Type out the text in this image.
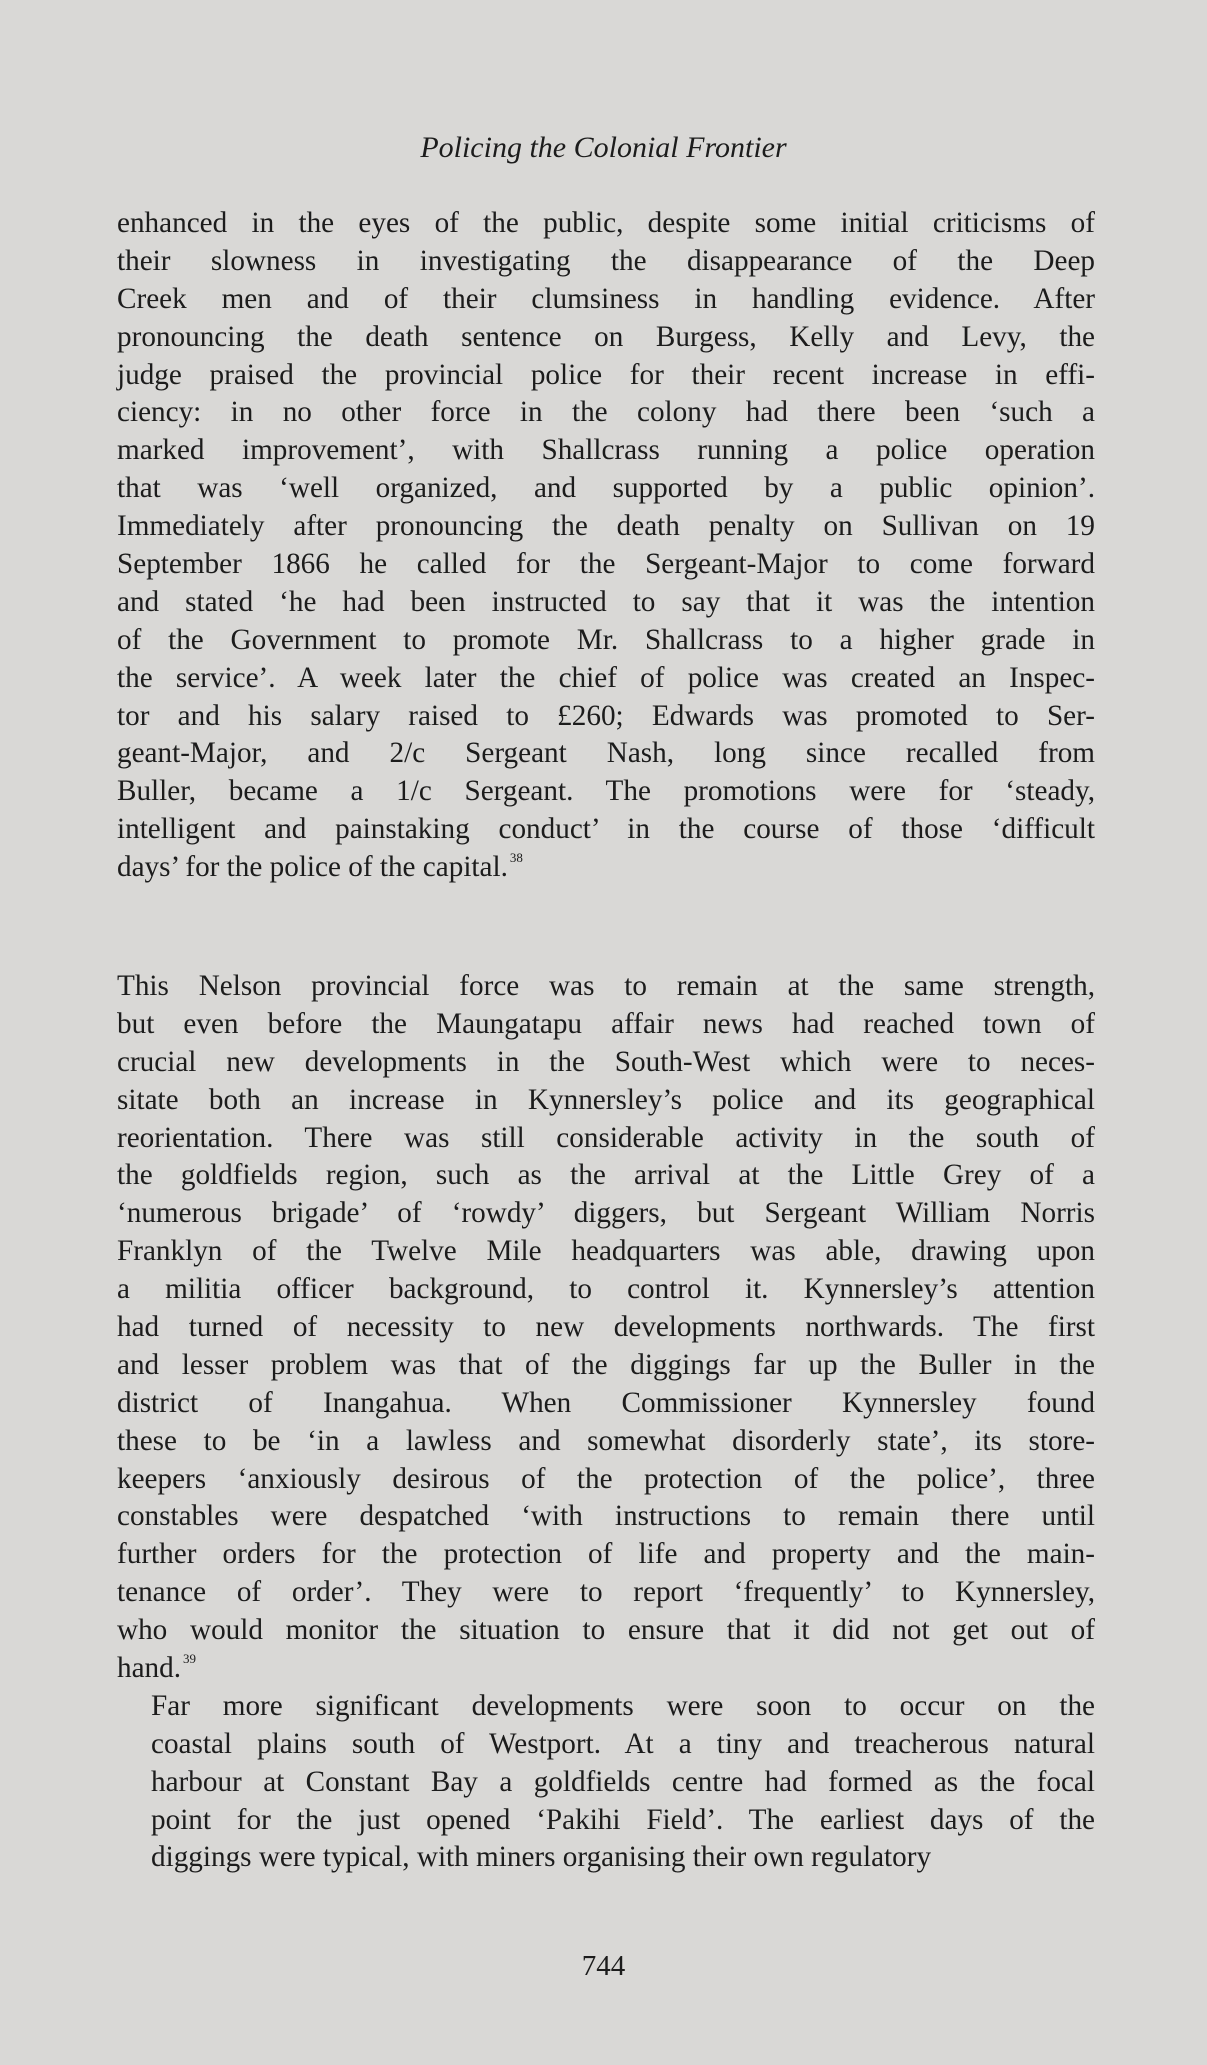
Policing the Colonial Frontier

enhanced in the eyes of the public, despite some initial criticisms of
their slowness in investigating the disappearance of the Deep
Creek men and of their clumsiness in handling evidence. After
pronouncing the death sentence on Burgess, Kelly and Levy, the
judge praised the provincial police for their recent increase in effi-
ciency: in no other force in the colony had there been ‘such a
marked improvement’, with Shallcrass running a police operation
that was ‘well organized, and supported by a public opinion’.
Immediately after pronouncing the death penalty on Sullivan on 19
September 1866 he called for the Sergeant-Major to come forward
and stated ‘he had been instructed to say that it was the intention
of the Government to promote Mr. Shallcrass to a higher grade in
the service’. A week later the chief of police was created an Inspec-
tor and his salary raised to £260; Edwards was promoted to Ser-
geant-Major, and 2/c Sergeant Nash, long since recalled from
Buller, became a 1/c Sergeant. The promotions were for ‘steady,
intelligent and painstaking conduct’ in the course of those ‘difficult
days’ for the police of the capital. $^{38}$

This Nelson provincial force was to remain at the same strength,
but even before the Maungatapu affair news had reached town of
crucial new developments in the South-West which were to neces-
sitate both an increase in Kynnersley’s police and its geographical
reorientation. There was still considerable activity in the south of
the goldfields region, such as the arrival at the Little Grey of a
‘numerous brigade’ of ‘rowdy’ diggers, but Sergeant William Norris
Franklyn of the Twelve Mile headquarters was able, drawing upon
a militia officer background, to control it. Kynnersley’s attention
had turned of necessity to new developments northwards. The first
and lesser problem was that of the diggings far up the Buller in the
district of Inangahua. When Commissioner Kynnersley found
these to be ‘in a lawless and somewhat disorderly state’, its store-
keepers ‘anxiously desirous of the protection of the police’, three
constables were despatched ‘with instructions to remain there until
further orders for the protection of life and property and the main-
tenance of order’. They were to report ‘frequently’ to Kynnersley,
who would monitor the situation to ensure that it did not get out of
hand. $^{39}$

Far more significant developments were soon to occur on the
coastal plains south of Westport. At a tiny and treacherous natural
harbour at Constant Bay a goldfields centre had formed as the focal
point for the just opened ‘Pakihi Field’. The earliest days of the
diggings were typical, with miners organising their own regulatory

744
